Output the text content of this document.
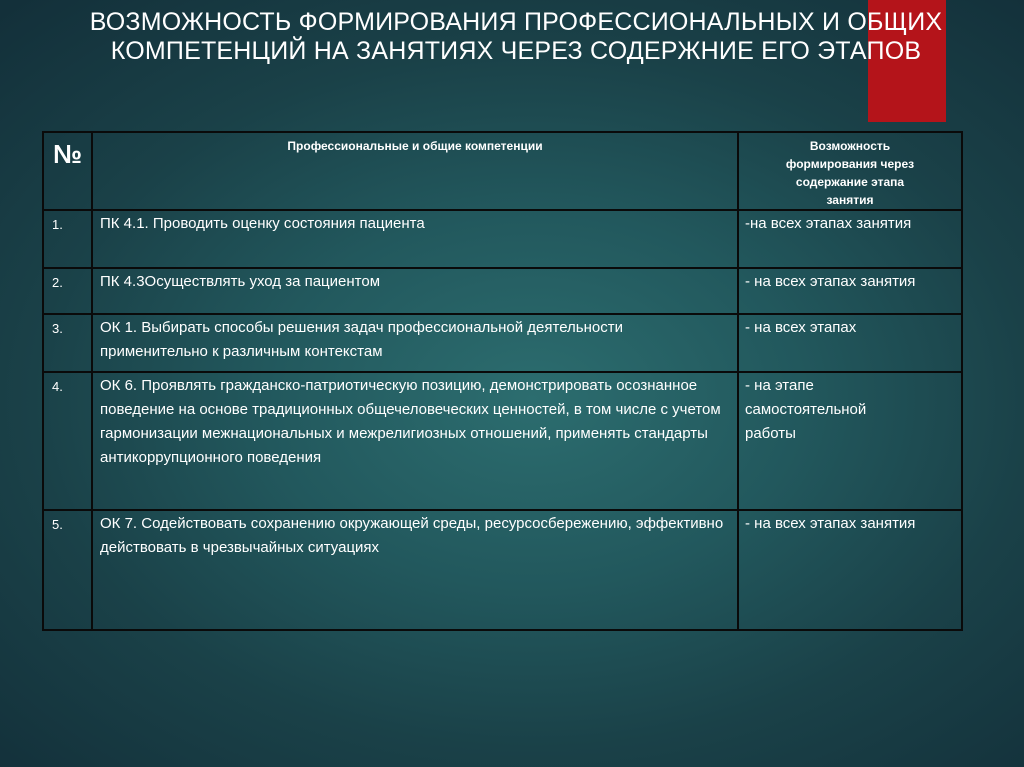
ВОЗМОЖНОСТЬ ФОРМИРОВАНИЯ ПРОФЕССИОНАЛЬНЫХ И ОБЩИХ
КОМПЕТЕНЦИЙ НА ЗАНЯТИЯХ ЧЕРЕЗ СОДЕРЖНИЕ ЕГО ЭТАПОВ
№	Профессиональные и общие компетенции	Возможность формирования через содержание этапа занятия

1.	ПК 4.1. Проводить оценку состояния пациента	-на всех этапах занятия
2.	ПК 4.3Осуществлять уход за пациентом	- на всех этапах занятия
3.	ОК 1. Выбирать способы решения задач профессиональной деятельности применительно к различным контекстам	- на всех этапах
4.	ОК 6. Проявлять гражданско-патриотическую позицию, демонстрировать осознанное поведение на основе традиционных общечеловеческих ценностей, в том числе с учетом гармонизации межнациональных и межрелигиозных отношений, применять стандарты антикоррупционного поведения	- на этапе самостоятельной работы

5.	ОК 7. Содействовать сохранению окружающей среды, ресурсосбережению, эффективно действовать в чрезвычайных ситуациях	- на всех этапах занятия
